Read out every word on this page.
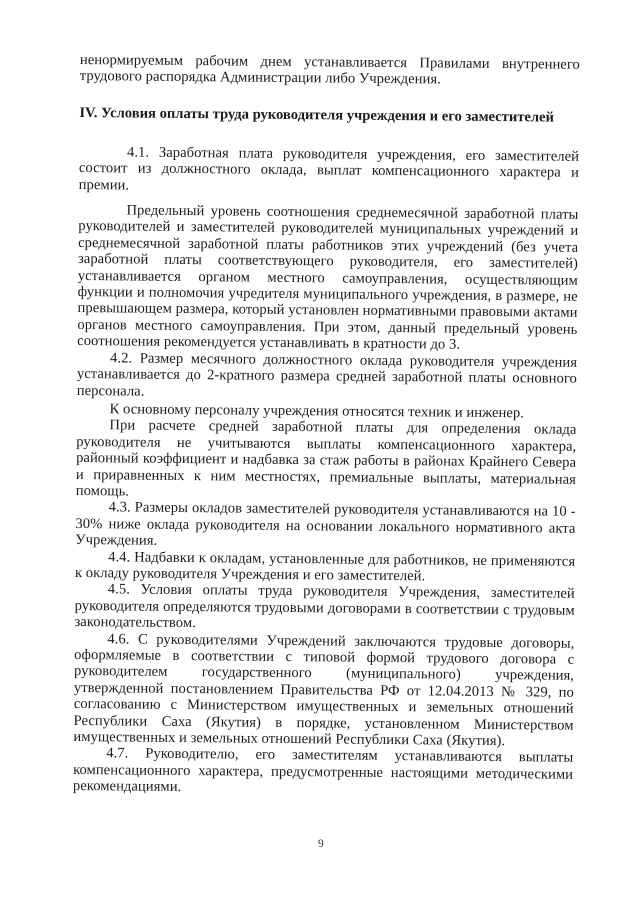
ненормируемым рабочим днем устанавливается Правилами внутреннего трудового распорядка Администрации либо Учреждения.

IV. Условия оплаты труда руководителя учреждения и его заместителей

4.1. Заработная плата руководителя учреждения, его заместителей состоит из должностного оклада, выплат компенсационного характера и премии.

Предельный уровень соотношения среднемесячной заработной платы руководителей и заместителей руководителей муниципальных учреждений и среднемесячной заработной платы работников этих учреждений (без учета заработной платы соответствующего руководителя, его заместителей) устанавливается органом местного самоуправления, осуществляющим функции и полномочия учредителя муниципального учреждения, в размере, не превышающем размера, который установлен нормативными правовыми актами органов местного самоуправления. При этом, данный предельный уровень соотношения рекомендуется устанавливать в кратности до 3.

4.2. Размер месячного должностного оклада руководителя учреждения устанавливается до 2-кратного размера средней заработной платы основного персонала.

К основному персоналу учреждения относятся техник и инженер.

При расчете средней заработной платы для определения оклада руководителя не учитываются выплаты компенсационного характера, районный коэффициент и надбавка за стаж работы в районах Крайнего Севера и приравненных к ним местностях, премиальные выплаты, материальная помощь.

4.3. Размеры окладов заместителей руководителя устанавливаются на 10 - 30% ниже оклада руководителя на основании локального нормативного акта Учреждения.

4.4. Надбавки к окладам, установленные для работников, не применяются к окладу руководителя Учреждения и его заместителей.

4.5. Условия оплаты труда руководителя Учреждения, заместителей руководителя определяются трудовыми договорами в соответствии с трудовым законодательством.

4.6. С руководителями Учреждений заключаются трудовые договоры, оформляемые в соответствии с типовой формой трудового договора с руководителем государственного (муниципального) учреждения, утвержденной постановлением Правительства РФ от 12.04.2013 № 329, по согласованию с Министерством имущественных и земельных отношений Республики Саха (Якутия) в порядке, установленном Министерством имущественных и земельных отношений Республики Саха (Якутия).

4.7. Руководителю, его заместителям устанавливаются выплаты компенсационного характера, предусмотренные настоящими методическими рекомендациями.

9
